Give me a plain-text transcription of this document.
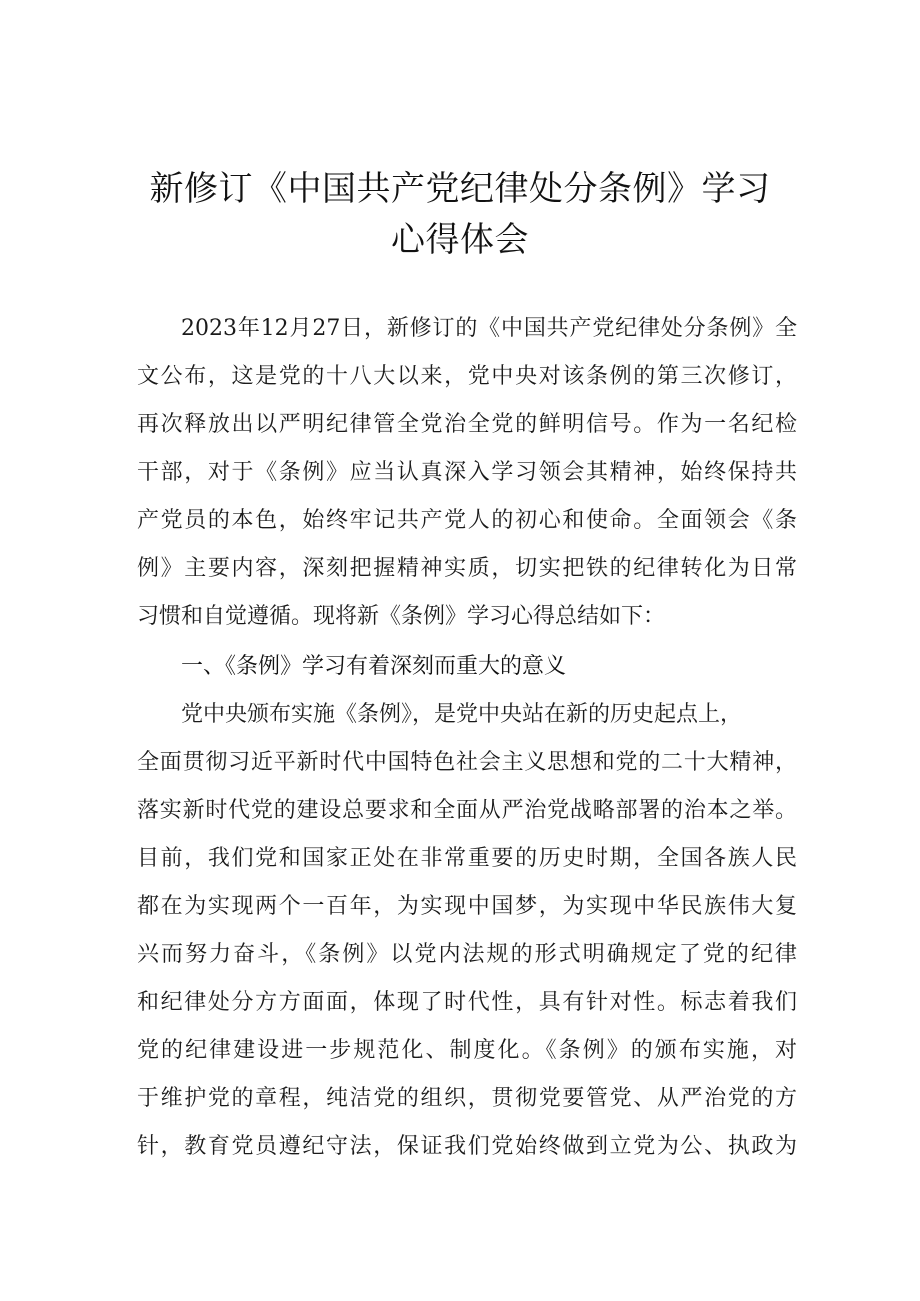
新修订《中国共产党纪律处分条例》学习
心得体会
2023年12月27日，新修订的《中国共产党纪律处分条例》全
文公布，这是党的十八大以来，党中央对该条例的第三次修订，
再次释放出以严明纪律管全党治全党的鲜明信号。作为一名纪检
干部，对于《条例》应当认真深入学习领会其精神，始终保持共
产党员的本色，始终牢记共产党人的初心和使命。全面领会《条
例》主要内容，深刻把握精神实质，切实把铁的纪律转化为日常
习惯和自觉遵循。现将新《条例》学习心得总结如下：
一、《条例》学习有着深刻而重大的意义
党中央颁布实施《条例》，是党中央站在新的历史起点上，
全面贯彻习近平新时代中国特色社会主义思想和党的二十大精神，
落实新时代党的建设总要求和全面从严治党战略部署的治本之举。
目前，我们党和国家正处在非常重要的历史时期，全国各族人民
都在为实现两个一百年，为实现中国梦，为实现中华民族伟大复
兴而努力奋斗，《条例》以党内法规的形式明确规定了党的纪律
和纪律处分方方面面，体现了时代性，具有针对性。标志着我们
党的纪律建设进一步规范化、制度化。《条例》的颁布实施，对
于维护党的章程，纯洁党的组织，贯彻党要管党、从严治党的方
针，教育党员遵纪守法，保证我们党始终做到立党为公、执政为
